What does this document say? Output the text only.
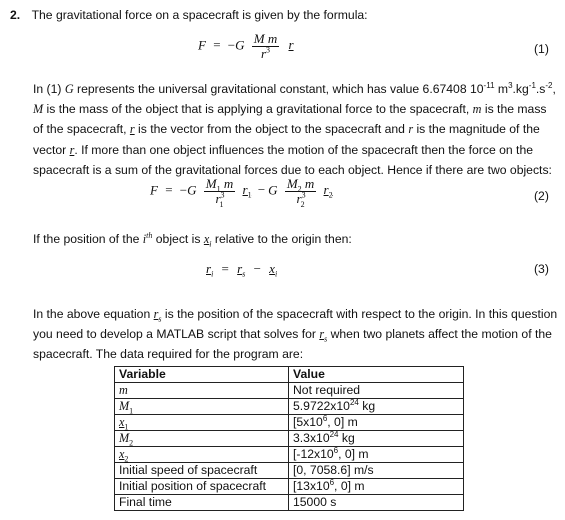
2. The gravitational force on a spacecraft is given by the formula:
$F = -G \frac{\text{M m}}{r^3}$ r	(1)
In (1) G represents the universal gravitational constant, which has value 6.67408 $10^{-11}$ $m^3.kg^{-1}.s^{-2}$,
M is the mass of the object that is applying a gravitational force to the spacecraft, m is the mass
of the spacecraft, r is the vector from the object to the spacecraft and r is the magnitude of the
vector r. If more than one object influences the motion of the spacecraft then the force on the
spacecraft is a sum of the gravitational forces due to each object. Hence if there are two objects:
$F = -G \frac{M_1 m}{r^3_1} r_1 - G \frac{M_2 m}{r^3_2} r_2$	(2)
If the position of the $i^{th}$ object is $x_i$ relative to the origin then:
$r_i = r_s - x_i$	(3)
In the above equation $r_s$ is the position of the spacecraft with respect to the origin. In this question
you need to develop a MATLAB script that solves for $r_s$ when two planets affect the motion of the
spacecraft. The data required for the program are:
Variable	Value
m	Not required
$M_1$	$5.9722x10^{24}$ kg
$x_1$	[$5x10^6$, 0] m
$M_2$	$3.3x10^{24}$ kg
$x_2$	[$-12x10^6$, 0] m
Initial speed of spacecraft	[0, 7058.6] m/s
Initial position of spacecraft	[$13x10^6$, 0] m
Final time	15000 s
